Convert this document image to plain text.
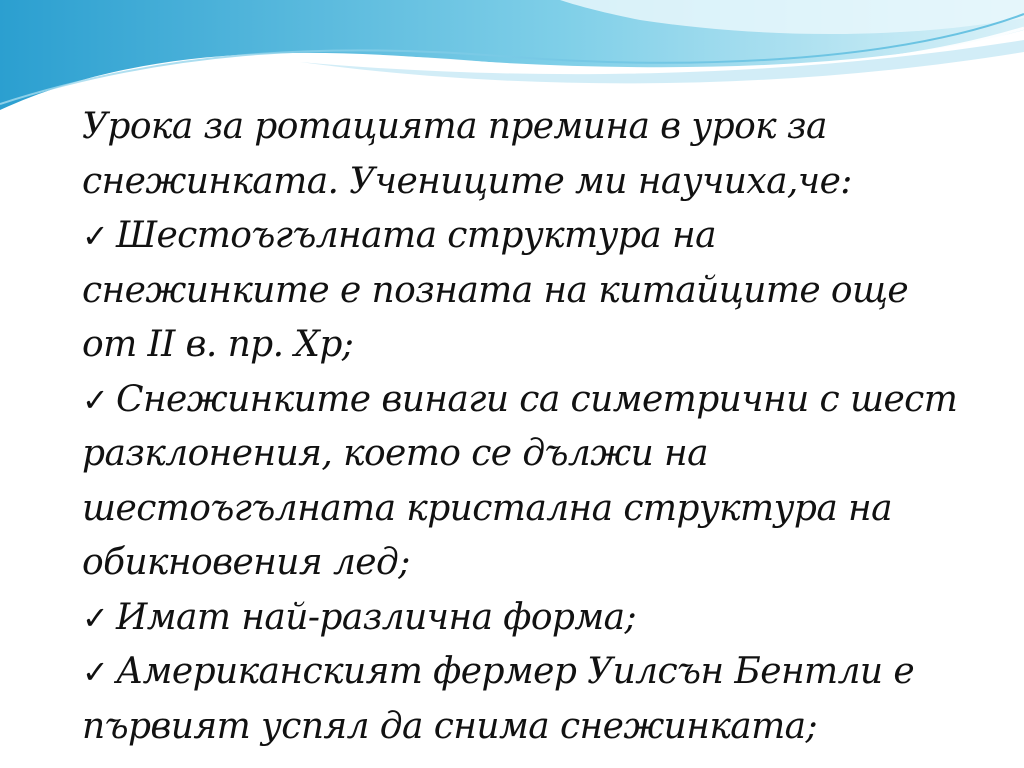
Урока за ротацията премина в урок за снежинката. Учениците ми научиха,че:

✓ Шестоъгълната структура на снежинките е позната на китайците още от II в. пр. Хр;
✓ Снежинките винаги са симетрични с шест разклонения, което се дължи на шестоъгълната кристална структура на обикновения лед;
✓ Имат най-различна форма;
✓ Американският фермер Уилсън Бентли е първият успял да снима снежинката;
